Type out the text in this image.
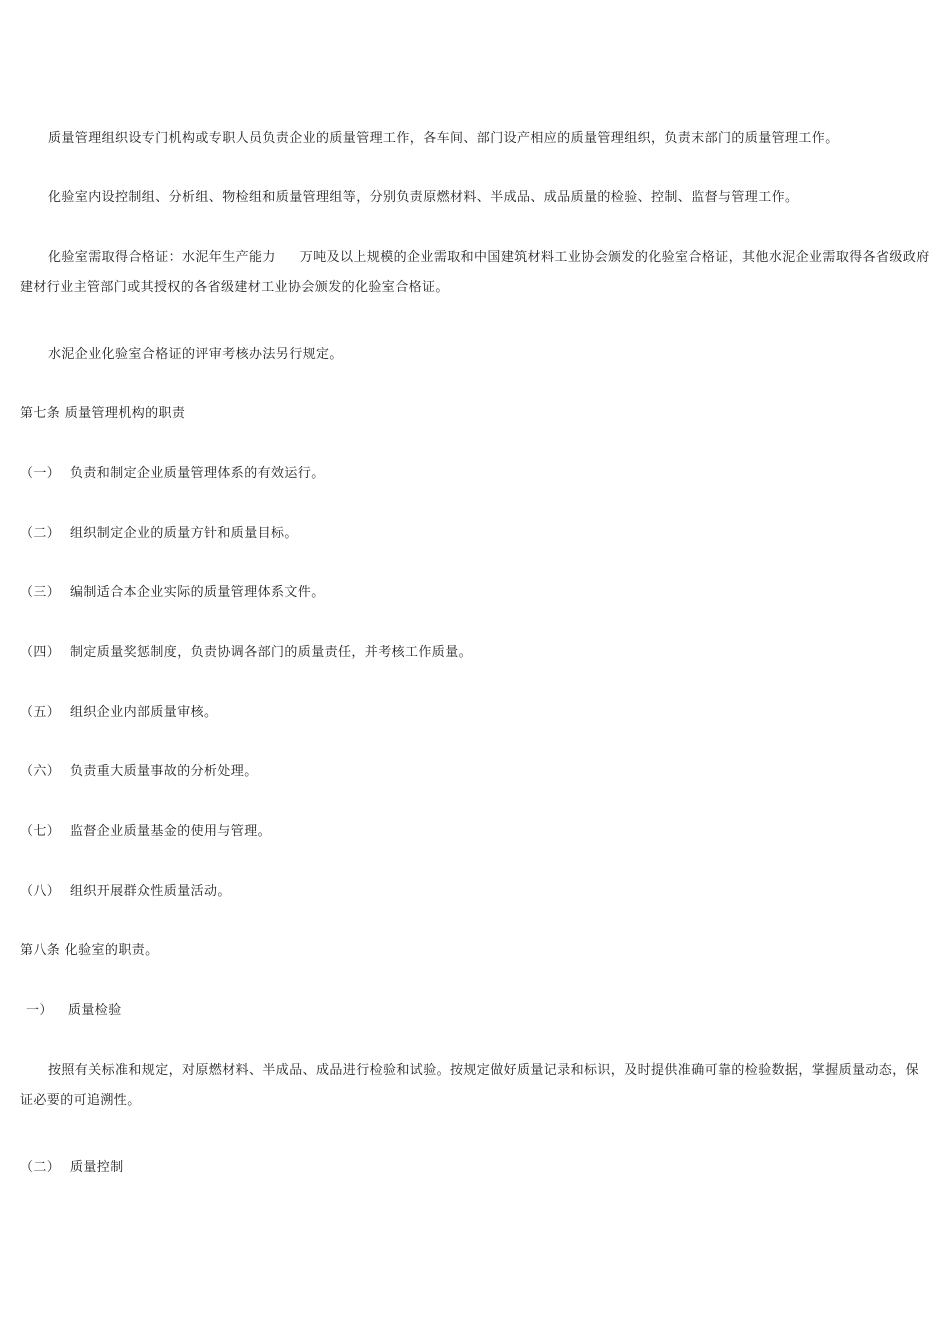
质量管理组织设专门机构或专职人员负责企业的质量管理工作，各车间、部门设产相应的质量管理组织，负责末部门的质量管理工作。

化验室内设控制组、分析组、物检组和质量管理组等，分别负责原燃材料、半成品、成品质量的检验、控制、监督与管理工作。

化验室需取得合格证：水泥年生产能力 万吨及以上规模的企业需取和中国建筑材料工业协会颁发的化验室合格证，其他水泥企业需取得各省级政府建材行业主管部门或其授权的各省级建材工业协会颁发的化验室合格证。

水泥企业化验室合格证的评审考核办法另行规定。

第七条 质量管理机构的职责

（一） 负责和制定企业质量管理体系的有效运行。

（二） 组织制定企业的质量方针和质量目标。

（三） 编制适合本企业实际的质量管理体系文件。

（四） 制定质量奖惩制度，负责协调各部门的质量责任，并考核工作质量。

（五） 组织企业内部质量审核。

（六） 负责重大质量事故的分析处理。

（七） 监督企业质量基金的使用与管理。

（八） 组织开展群众性质量活动。

第八条 化验室的职责。

一） 质量检验

按照有关标准和规定，对原燃材料、半成品、成品进行检验和试验。按规定做好质量记录和标识，及时提供准确可靠的检验数据，掌握质量动态，保证必要的可追溯性。

（二） 质量控制
